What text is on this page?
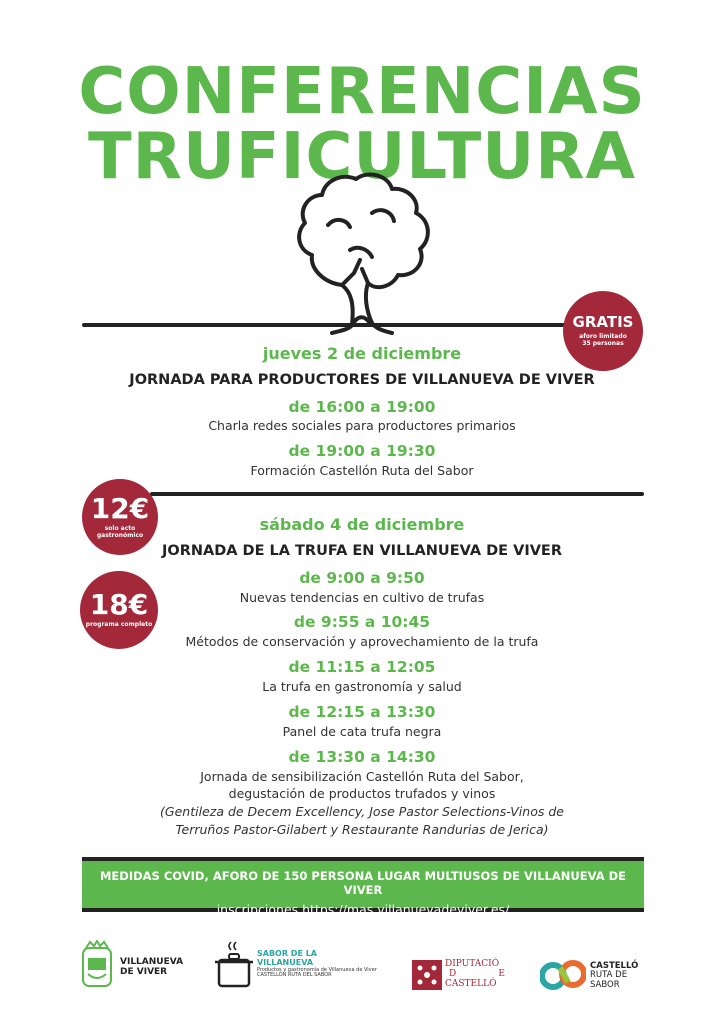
CONFERENCIAS
TRUFICULTURA
GRATIS
aforo limitado
35 personas
jueves 2 de diciembre
JORNADA PARA PRODUCTORES DE VILLANUEVA DE VIVER
de 16:00 a 19:00
Charla redes sociales para productores primarios
de 19:00 a 19:30
Formación Castellón Ruta del Sabor
12€
solo acto
gastronómico
sábado 4 de diciembre
JORNADA DE LA TRUFA EN VILLANUEVA DE VIVER
18€
programa completo
de 9:00 a 9:50
Nuevas tendencias en cultivo de trufas
de 9:55 a 10:45
Métodos de conservación y aprovechamiento de la trufa
de 11:15 a 12:05
La trufa en gastronomía y salud
de 12:15 a 13:30
Panel de cata trufa negra
de 13:30 a 14:30
Jornada de sensibilización Castellón Ruta del Sabor,
degustación de productos trufados y vinos
(Gentileza de Decem Excellency, Jose Pastor Selections-Vinos de
Terruños Pastor-Gilabert y Restaurante Randurias de Jerica)
MEDIDAS COVID, AFORO DE 150 PERSONA LUGAR MULTIUSOS DE VILLANUEVA DE VIVER
inscripciones https://mas.villanuevadeviver.es/
VILLANUEVA
DE VIVER
SABOR DE LA
VILLANUEVA
Productos y gastronomía de Villanueva de Viver
CASTELLÓN RUTA DEL SABOR
DIPUTACIÓ
D	E
CASTELLÓ
CASTELLÓ
RUTA DE
SABOR
